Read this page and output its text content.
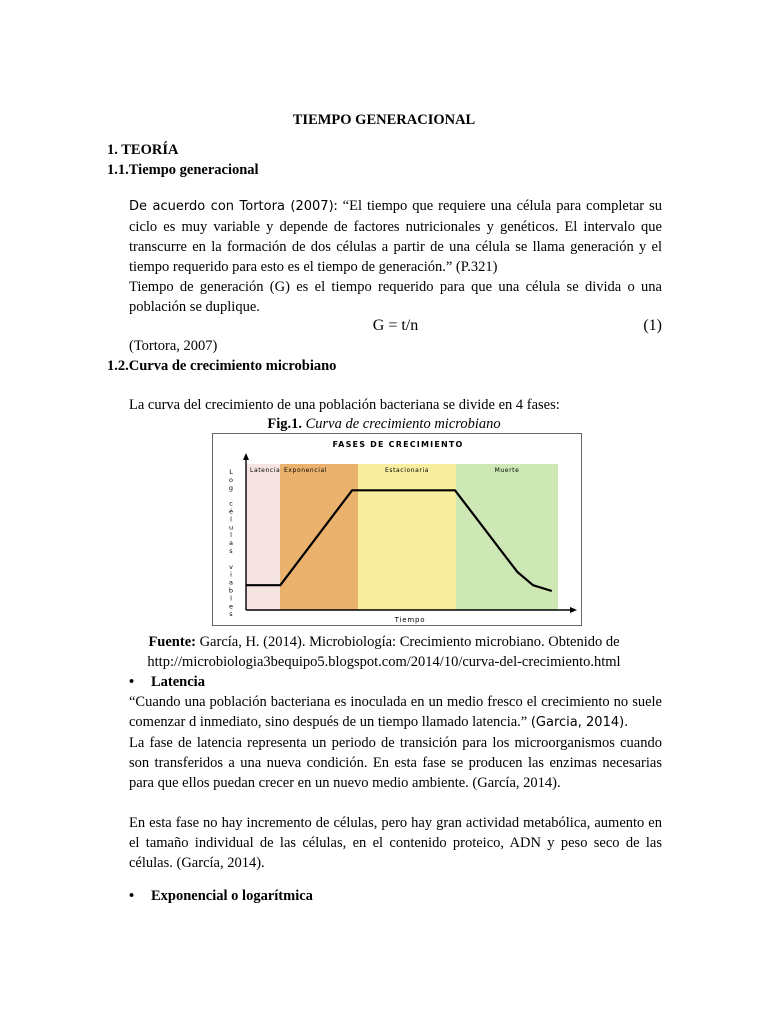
TIEMPO GENERACIONAL
1. TEORÍA
1.1.Tiempo generacional

De acuerdo con Tortora (2007): “El tiempo que requiere una célula para completar su ciclo es muy variable y depende de factores nutricionales y genéticos. El intervalo que transcurre en la formación de dos células a partir de una célula se llama generación y el tiempo requerido para esto es el tiempo de generación.” (P.321)

Tiempo de generación (G) es el tiempo requerido para que una célula se divida o una población se duplique.

G = t/n	(1)
(Tortora, 2007)
1.2.Curva de crecimiento microbiano
La curva del crecimiento de una población bacteriana se divide en 4 fases:
Fig.1. Curva de crecimiento microbiano
FASES DE CRECIMIENTO
Latencia Exponencial	Estacionaria	Muerte
L
o
g
c
é
l
u
l
a
s
v
i
a
b
l
e
s
Tiempo
Fuente: García, H. (2014). Microbiología: Crecimiento microbiano. Obtenido de
http://microbiologia3bequipo5.blogspot.com/2014/10/curva-del-crecimiento.html
• Latencia

“Cuando una población bacteriana es inoculada en un medio fresco el crecimiento no suele comenzar d inmediato, sino después de un tiempo llamado latencia.” (Garcia, 2014).

La fase de latencia representa un periodo de transición para los microorganismos cuando son transferidos a una nueva condición. En esta fase se producen las enzimas necesarias para que ellos puedan crecer en un nuevo medio ambiente. (García, 2014).

En esta fase no hay incremento de células, pero hay gran actividad metabólica, aumento en el tamaño individual de las células, en el contenido proteico, ADN y peso seco de las células. (García, 2014).

• Exponencial o logarítmica
